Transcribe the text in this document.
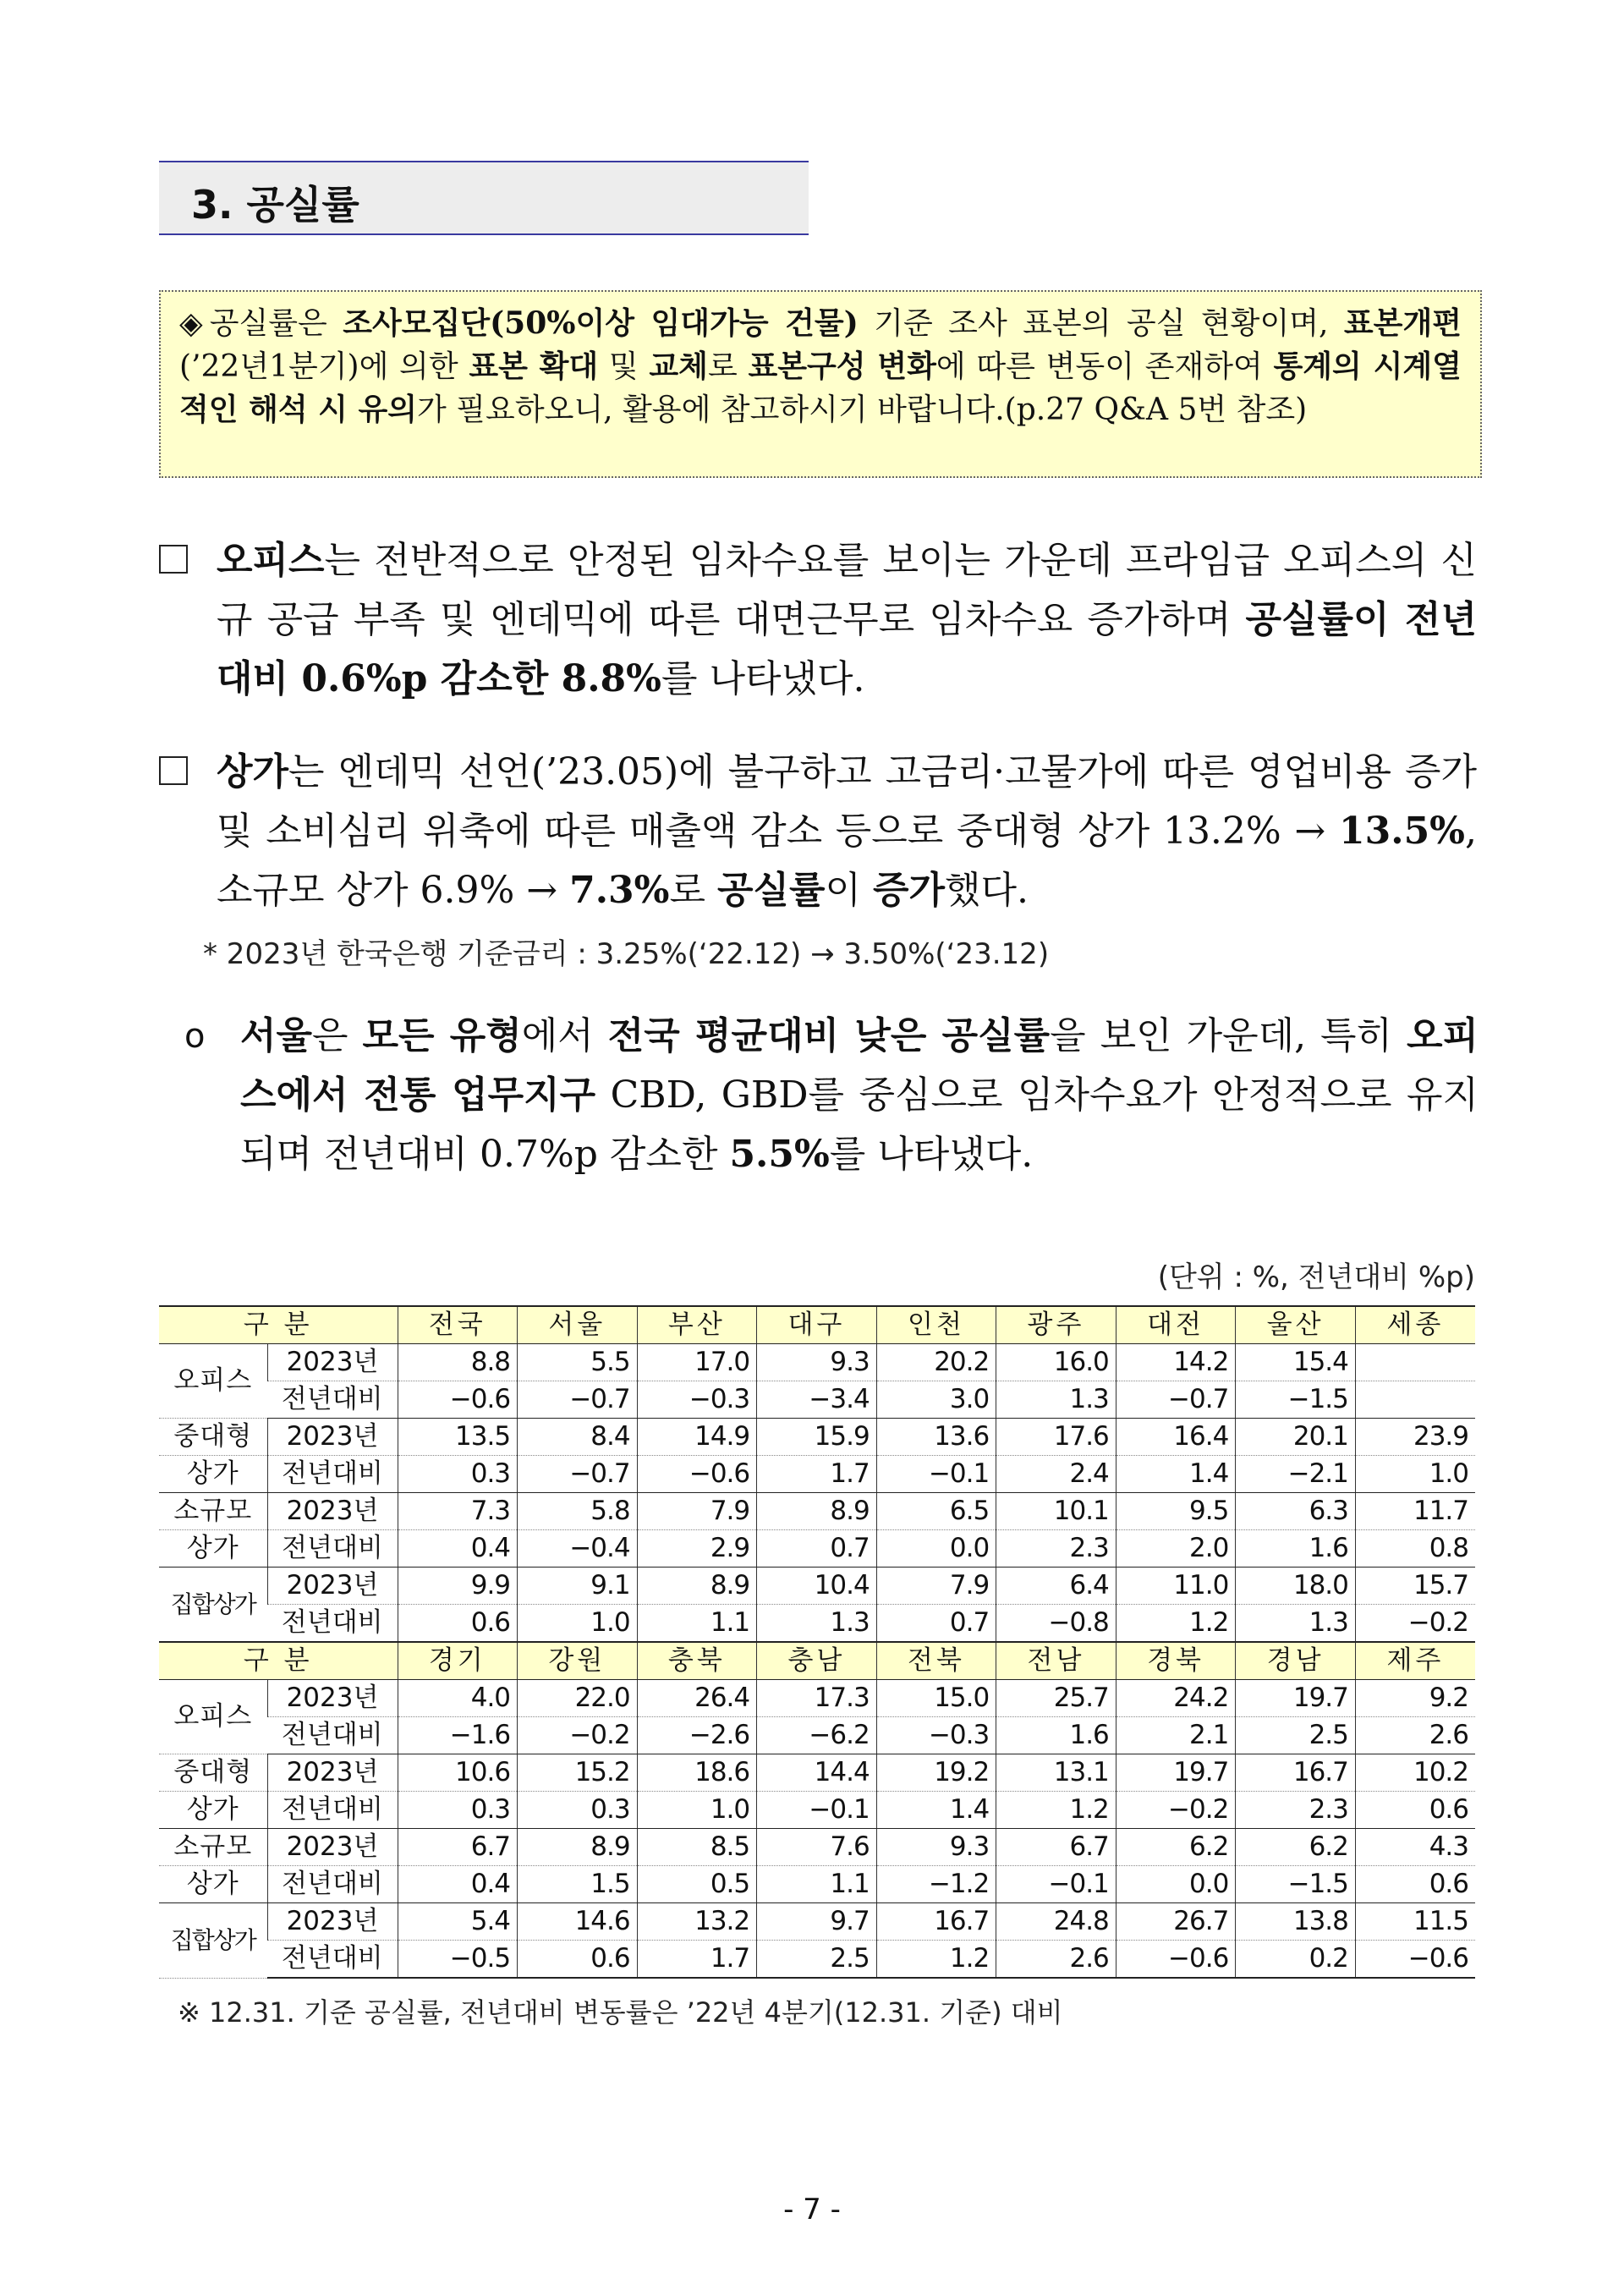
3. 공실률
◈ 공실률은 조사모집단(50%이상 임대가능 건물) 기준 조사 표본의 공실 현황이며, 표본개편(’22년1분기)에 의한 표본 확대 및 교체로 표본구성 변화에 따른 변동이 존재하여 통계의 시계열적인 해석 시 유의가 필요하오니, 활용에 참고하시기 바랍니다.(p.27 Q&A 5번 참조)
오피스는 전반적으로 안정된 임차수요를 보이는 가운데 프라임급 오피스의 신규 공급 부족 및 엔데믹에 따른 대면근무로 임차수요 증가하며 공실률이 전년대비 0.6%p 감소한 8.8%를 나타냈다.
상가는 엔데믹 선언(’23.05)에 불구하고 고금리·고물가에 따른 영업비용 증가 및 소비심리 위축에 따른 매출액 감소 등으로 중대형 상가 13.2% → 13.5%, 소규모 상가 6.9% → 7.3%로 공실률이 증가했다.
* 2023년 한국은행 기준금리 : 3.25%(‘22.12) → 3.50%(‘23.12)
o 서울은 모든 유형에서 전국 평균대비 낮은 공실률을 보인 가운데, 특히 오피스에서 전통 업무지구 CBD, GBD를 중심으로 임차수요가 안정적으로 유지되며 전년대비 0.7%p 감소한 5.5%를 나타냈다.
(단위 : %, 전년대비 %p)
구 분		전국	서울	부산	대구	인천	광주	대전	울산	세종
오피스	2023년	8.8	5.5	17.0	9.3	20.2	16.0	14.2	15.4	
	전년대비	−0.6	−0.7	−0.3	−3.4	3.0	1.3	−0.7	−1.5	
중대형	2023년	13.5	8.4	14.9	15.9	13.6	17.6	16.4	20.1	23.9
상가	전년대비	0.3	−0.7	−0.6	1.7	−0.1	2.4	1.4	−2.1	1.0
소규모	2023년	7.3	5.8	7.9	8.9	6.5	10.1	9.5	6.3	11.7
상가	전년대비	0.4	−0.4	2.9	0.7	0.0	2.3	2.0	1.6	0.8
집합상가	2023년	9.9	9.1	8.9	10.4	7.9	6.4	11.0	18.0	15.7
	전년대비	0.6	1.0	1.1	1.3	0.7	−0.8	1.2	1.3	−0.2
구 분		경기	강원	충북	충남	전북	전남	경북	경남	제주
오피스	2023년	4.0	22.0	26.4	17.3	15.0	25.7	24.2	19.7	9.2
	전년대비	−1.6	−0.2	−2.6	−6.2	−0.3	1.6	2.1	2.5	2.6
중대형	2023년	10.6	15.2	18.6	14.4	19.2	13.1	19.7	16.7	10.2
상가	전년대비	0.3	0.3	1.0	−0.1	1.4	1.2	−0.2	2.3	0.6
소규모	2023년	6.7	8.9	8.5	7.6	9.3	6.7	6.2	6.2	4.3
상가	전년대비	0.4	1.5	0.5	1.1	−1.2	−0.1	0.0	−1.5	0.6
집합상가	2023년	5.4	14.6	13.2	9.7	16.7	24.8	26.7	13.8	11.5
	전년대비	−0.5	0.6	1.7	2.5	1.2	2.6	−0.6	0.2	−0.6
※ 12.31. 기준 공실률, 전년대비 변동률은 ’22년 4분기(12.31. 기준) 대비
- 7 -
